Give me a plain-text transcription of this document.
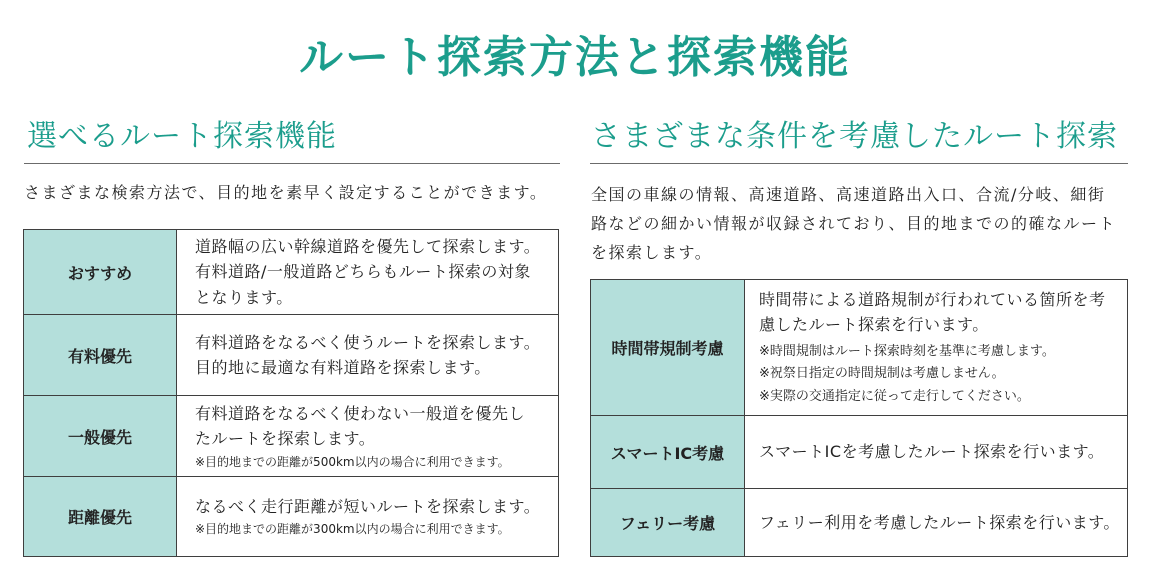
ルート探索方法と探索機能
選べるルート探索機能

さまざまな検索方法で、目的地を素早く設定することができます。

おすすめ
道路幅の広い幹線道路を優先して探索します。
有料道路/一般道路どちらもルート探索の対象
となります。
有料優先
有料道路をなるべく使うルートを探索します。
目的地に最適な有料道路を探索します。
一般優先
有料道路をなるべく使わない一般道を優先し
たルートを探索します。
※目的地までの距離が500km以内の場合に利用できます。
距離優先
なるべく走行距離が短いルートを探索します。
※目的地までの距離が300km以内の場合に利用できます。
さまざまな条件を考慮したルート探索
全国の車線の情報、高速道路、高速道路出入口、合流/分岐、細街
路などの細かい情報が収録されており、目的地までの的確なルート
を探索します。
時間帯規制考慮
時間帯による道路規制が行われている箇所を考
慮したルート探索を行います。
※時間規制はルート探索時刻を基準に考慮します。
※祝祭日指定の時間規制は考慮しません。
※実際の交通指定に従って走行してください。
スマートIC考慮	スマートICを考慮したルート探索を行います。
フェリー考慮	フェリー利用を考慮したルート探索を行います。
